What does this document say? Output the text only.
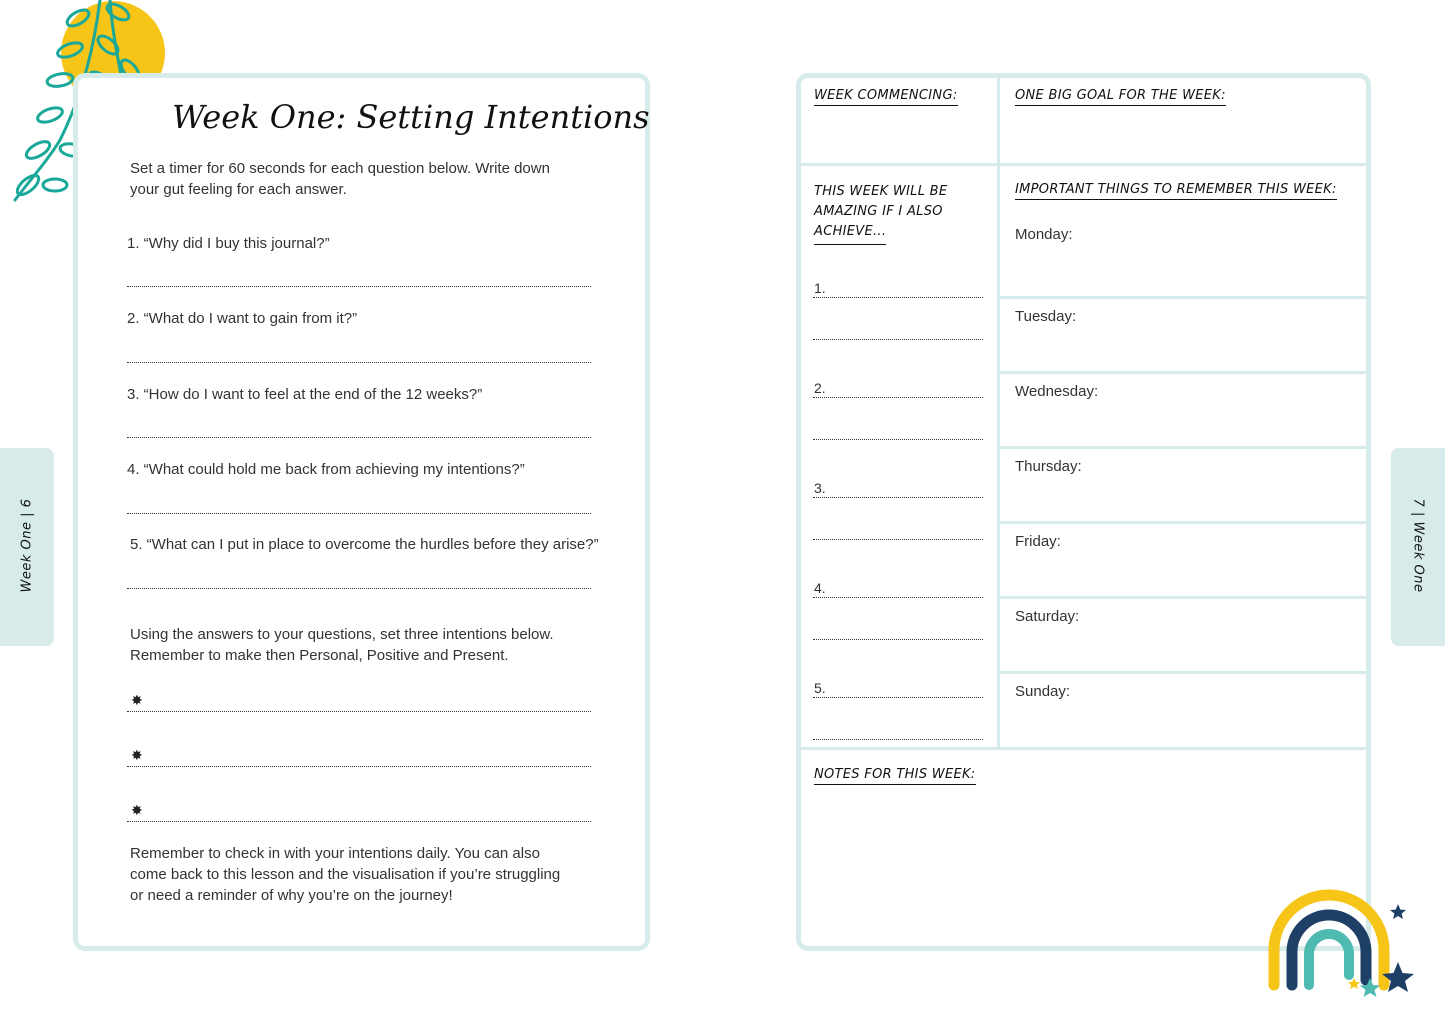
Week One | 6
Week One: Setting Intentions
Set a timer for 60 seconds for each question below. Write down
your gut feeling for each answer.
1. “Why did I buy this journal?”
2. “What do I want to gain from it?”
3. “How do I want to feel at the end of the 12 weeks?”
4. “What could hold me back from achieving my intentions?”
5. “What can I put in place to overcome the hurdles before they arise?”
Using the answers to your questions, set three intentions below.
Remember to make then Personal, Positive and Present.
✸
✸
✸
Remember to check in with your intentions daily. You can also
come back to this lesson and the visualisation if you’re struggling
or need a reminder of why you’re on the journey!
7 | Week One
WEEK COMMENCING:	ONE BIG GOAL FOR THE WEEK:
THIS WEEK WILL BE
AMAZING IF I ALSO
ACHIEVE...
IMPORTANT THINGS TO REMEMBER THIS WEEK:
1.
2.
3.
4.
5.
Monday:
Tuesday:
Wednesday:
Thursday:
Friday:
Saturday:
Sunday:
NOTES FOR THIS WEEK:
